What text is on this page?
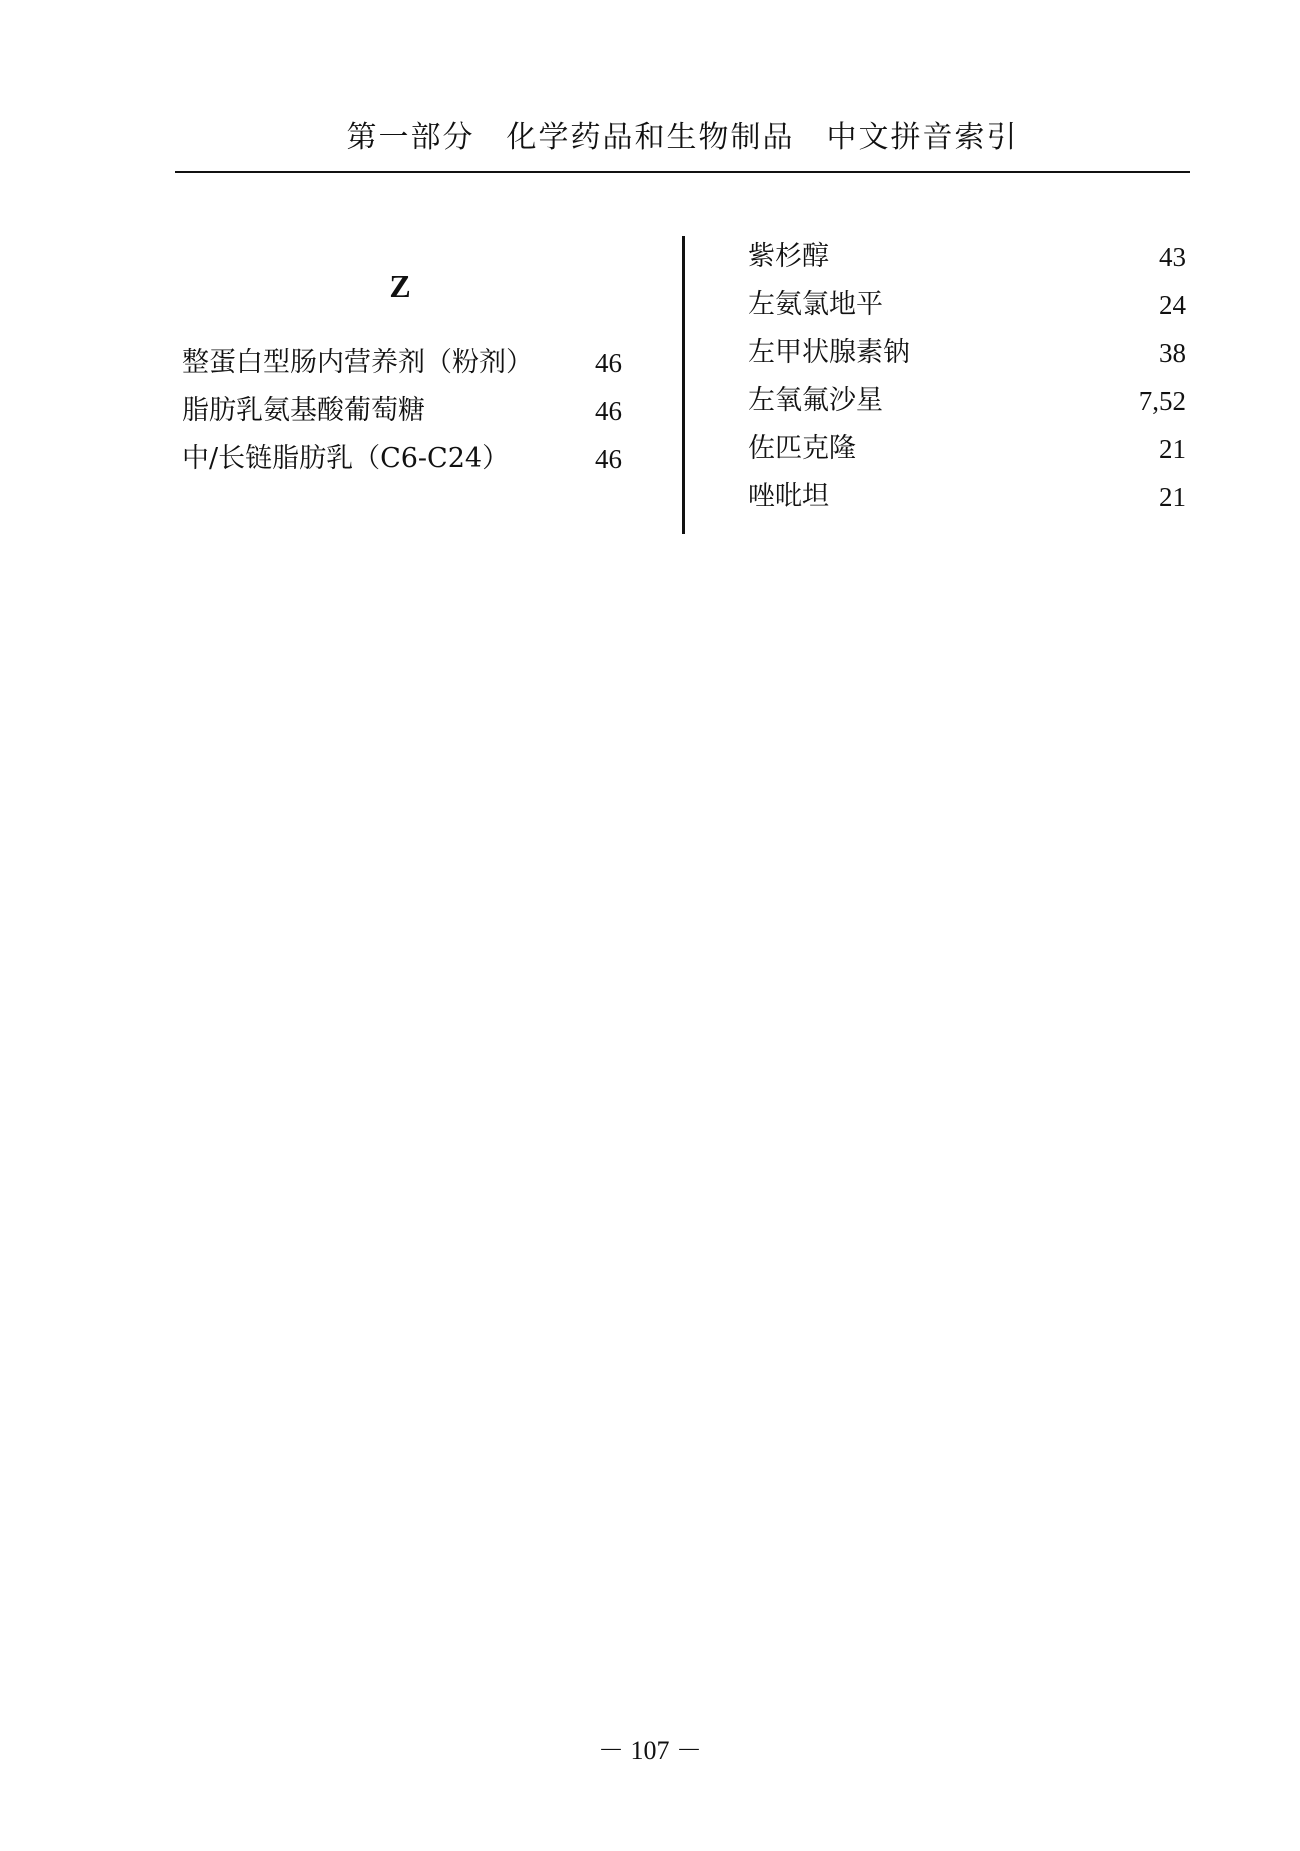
第一部分　化学药品和生物制品　中文拼音索引
Z
整蛋白型肠内营养剂（粉剂） 46
脂肪乳氨基酸葡萄糖	46
中/长链脂肪乳（C6-C24）	46
紫杉醇	43
左氨氯地平	24
左甲状腺素钠	38
左氧氟沙星	7,52
佐匹克隆	21
唑吡坦	21
－ 107 －
